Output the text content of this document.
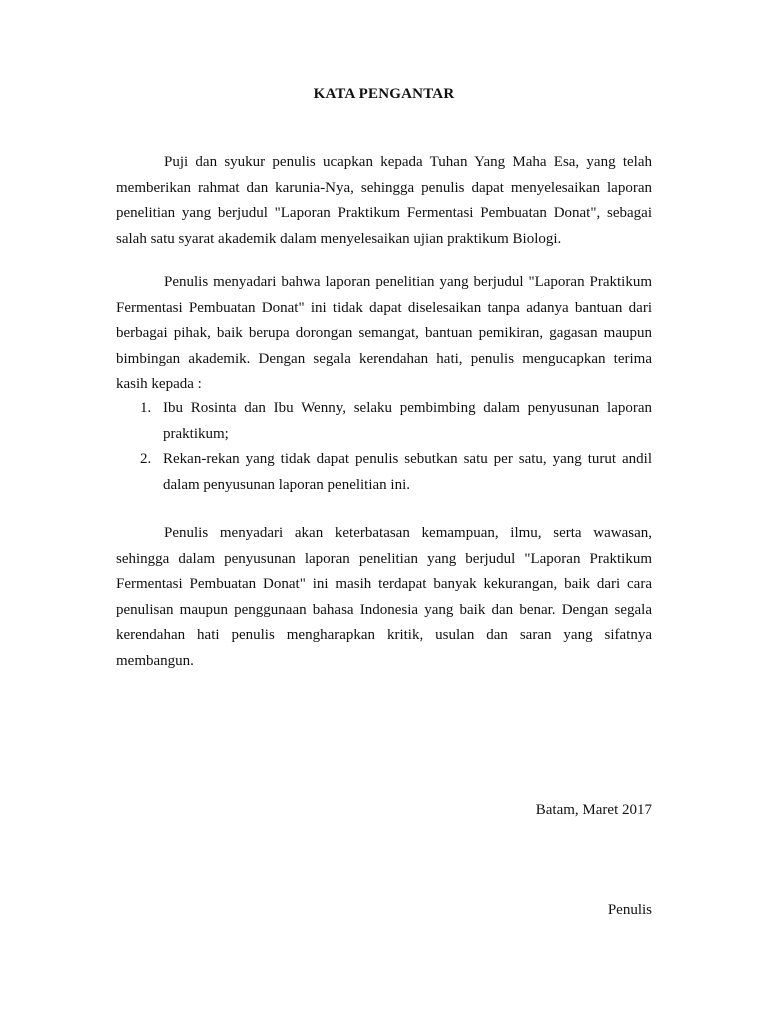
KATA PENGANTAR

Puji dan syukur penulis ucapkan kepada Tuhan Yang Maha Esa, yang telah memberikan rahmat dan karunia-Nya, sehingga penulis dapat menyelesaikan laporan penelitian yang berjudul "Laporan Praktikum Fermentasi Pembuatan Donat", sebagai salah satu syarat akademik dalam menyelesaikan ujian praktikum Biologi.

Penulis menyadari bahwa laporan penelitian yang berjudul "Laporan Praktikum Fermentasi Pembuatan Donat" ini tidak dapat diselesaikan tanpa adanya bantuan dari berbagai pihak, baik berupa dorongan semangat, bantuan pemikiran, gagasan maupun bimbingan akademik. Dengan segala kerendahan hati, penulis mengucapkan terima kasih kepada :

1. Ibu Rosinta dan Ibu Wenny, selaku pembimbing dalam penyusunan laporan praktikum;
2. Rekan-rekan yang tidak dapat penulis sebutkan satu per satu, yang turut andil dalam penyusunan laporan penelitian ini.

Penulis menyadari akan keterbatasan kemampuan, ilmu, serta wawasan, sehingga dalam penyusunan laporan penelitian yang berjudul "Laporan Praktikum Fermentasi Pembuatan Donat" ini masih terdapat banyak kekurangan, baik dari cara penulisan maupun penggunaan bahasa Indonesia yang baik dan benar. Dengan segala kerendahan hati penulis mengharapkan kritik, usulan dan saran yang sifatnya membangun.

Batam, Maret 2017
Penulis
